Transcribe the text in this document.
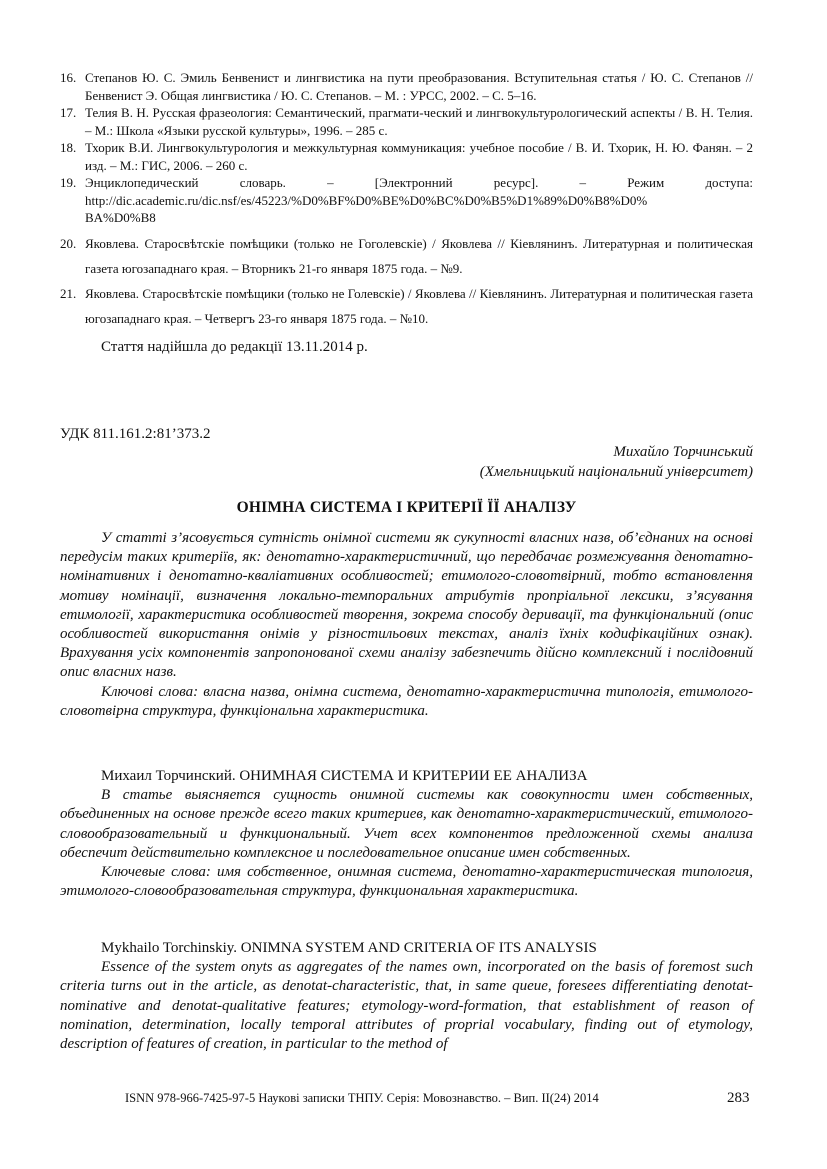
16. Степанов Ю. С. Эмиль Бенвенист и лингвистика на пути преобразования. Вступительная статья / Ю. С. Степанов // Бенвенист Э. Общая лингвистика / Ю. С. Степанов. – М. : УРСС, 2002. – С. 5–16.
17. Телия В. Н. Русская фразеология: Семантический, прагмати-ческий и лингвокультурологический аспекты / В. Н. Телия. – М.: Школа «Языки русской культуры», 1996. – 285 с.
18. Тхорик В.И. Лингвокультурология и межкультурная коммуникация: учебное пособие / В. И. Тхорик, Н. Ю. Фанян. – 2 изд. – М.: ГИС, 2006. – 260 с.
19. Энциклопедический словарь. – [Электронний ресурс]. – Режим доступа:
http://dic.academic.ru/dic.nsf/es/45223/%D0%BF%D0%BE%D0%BC%D0%B5%D1%89%D0%B8%D0%
BA%D0%B8
20. Яковлева. Старосвѣтскіе помѣщики (только не Гоголевскіе) / Яковлева // Кіевлянинъ. Литературная и политическая газета югозападнаго края. – Вторникъ 21-го января 1875 года. – №9.
21. Яковлева. Старосвѣтскіе помѣщики (только не Голевскіе) / Яковлева // Кіевлянинъ. Литературная и политическая газета югозападнаго края. – Четвергъ 23-го января 1875 года. – №10.
Стаття надійшла до редакції 13.11.2014 р.
УДК 811.161.2:81’373.2
Михайло Торчинський
(Хмельницький національний університет)
ОНІМНА СИСТЕМА І КРИТЕРІЇ ЇЇ АНАЛІЗУ

У статті з’ясовується сутність онімної системи як сукупності власних назв, об’єднаних на основі передусім таких критеріїв, як: денотатно-характеристичний, що передбачає розмежування денотатно-номінативних і денотатно-кваліативних особливостей; етимолого-словотвірний, тобто встановлення мотиву номінації, визначення локально-темпоральних атрибутів пропріальної лексики, з’ясування етимології, характеристика особливостей творення, зокрема способу деривації, та функціональний (опис особливостей використання онімів у різностильових текстах, аналіз їхніх кодифікаційних ознак). Врахування усіх компонентів запропонованої схеми аналізу забезпечить дійсно комплексний і послідовний опис власних назв.

Ключові слова: власна назва, онімна система, денотатно-характеристична типологія, етимолого-словотвірна структура, функціональна характеристика.

Михаил Торчинский. ОНИМНАЯ СИСТЕМА И КРИТЕРИИ ЕЕ АНАЛИЗА

В статье выясняется сущность онимной системы как совокупности имен собственных, объединенных на основе прежде всего таких критериев, как денотатно-характеристический, етимолого-словообразовательный и функциональный. Учет всех компонентов предложенной схемы анализа обеспечит действительно комплексное и последовательное описание имен собственных.

Ключевые слова: имя собственное, онимная система, денотатно-характеристическая типология, этимолого-словообразовательная структура, функциональная характеристика.

Mykhailo Torchinskiy. ONIMNA SYSTEM AND CRITERIA OF ITS ANALYSIS

Essence of the system onyts as aggregates of the names own, incorporated on the basis of foremost such criteria turns out in the article, as denotat-characteristic, that, in same queue, foresees differentiating denotat-nominative and denotat-qualitative features; etymology-word-formation, that establishment of reason of nomination, determination, locally temporal attributes of proprial vocabulary, finding out of etymology, description of features of creation, in particular to the method of

ISNN 978-966-7425-97-5 Наукові записки ТНПУ. Серія: Мовознавство. – Вип. ІІ(24) 2014	283
